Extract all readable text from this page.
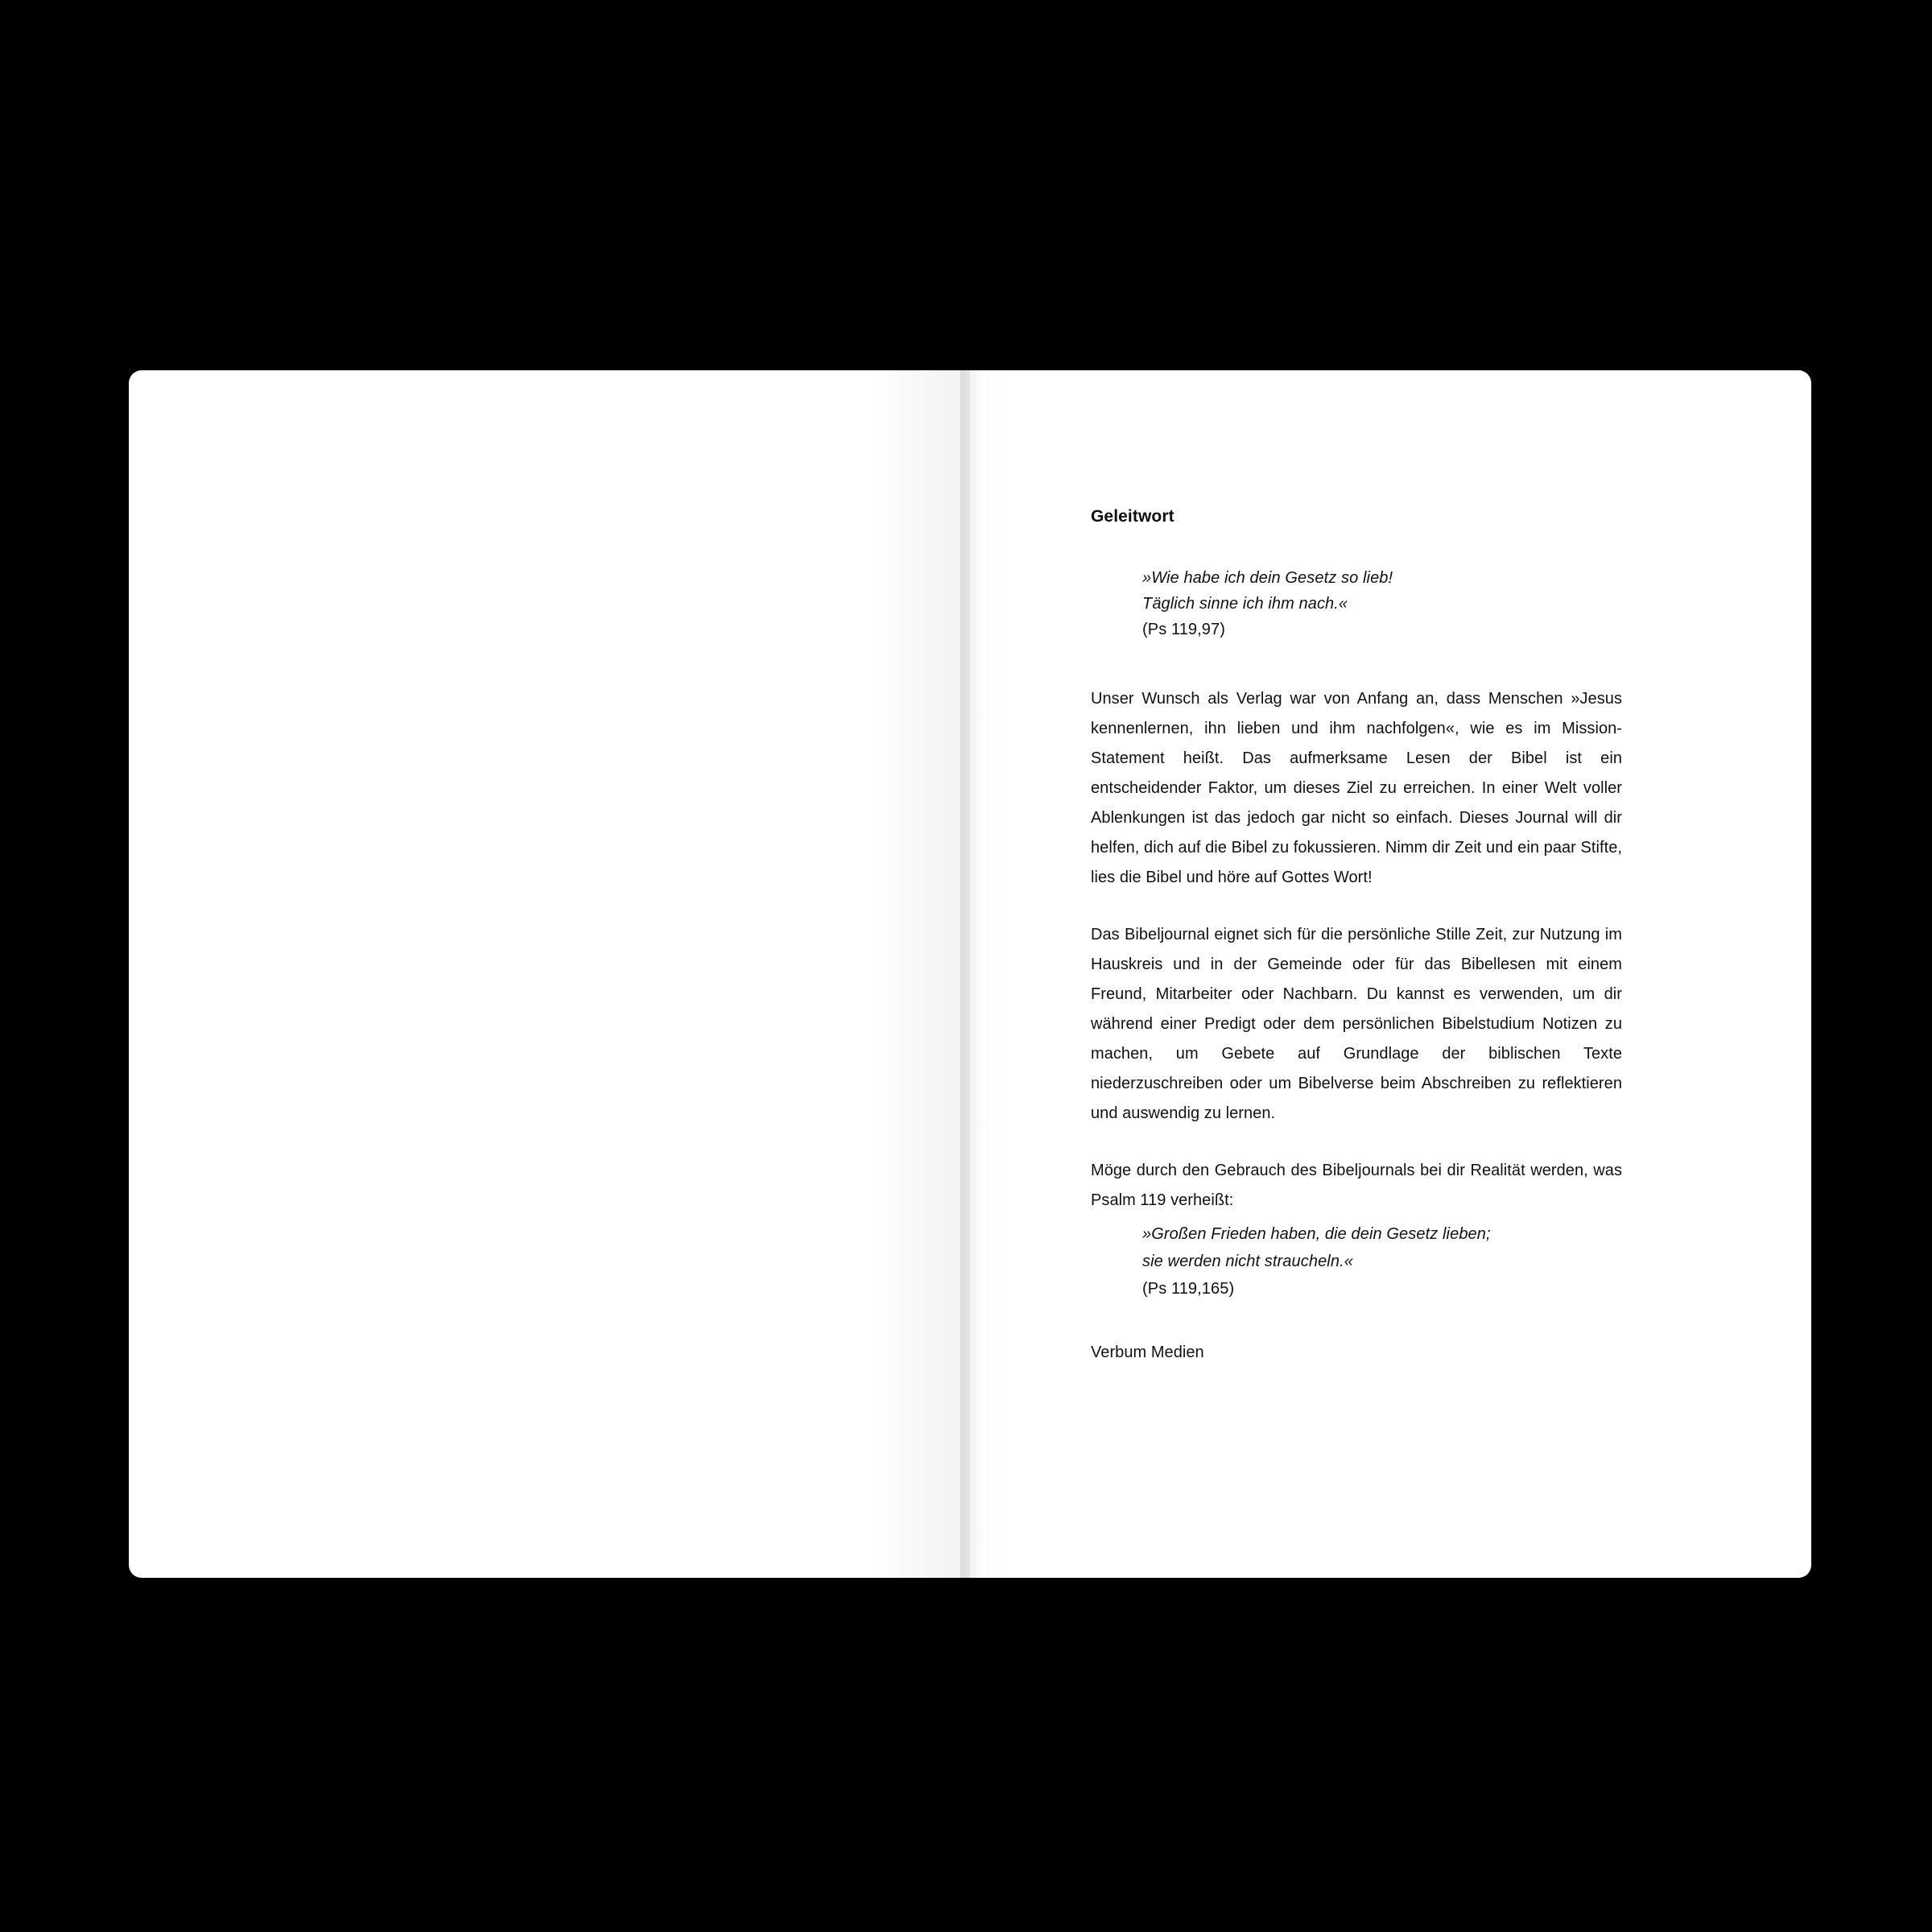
Geleitwort
»Wie habe ich dein Gesetz so lieb!
Täglich sinne ich ihm nach.«
(Ps 119,97)

Unser Wunsch als Verlag war von Anfang an, dass Menschen »Jesus kennenlernen, ihn lieben und ihm nachfolgen«, wie es im Mission-Statement heißt. Das aufmerksame Lesen der Bibel ist ein entscheidender Faktor, um dieses Ziel zu erreichen. In einer Welt voller Ablenkungen ist das jedoch gar nicht so einfach. Dieses Journal will dir helfen, dich auf die Bibel zu fokussieren. Nimm dir Zeit und ein paar Stifte, lies die Bibel und höre auf Gottes Wort!

Das Bibeljournal eignet sich für die persönliche Stille Zeit, zur Nutzung im Hauskreis und in der Gemeinde oder für das Bibellesen mit einem Freund, Mitarbeiter oder Nachbarn. Du kannst es verwenden, um dir während einer Predigt oder dem persönlichen Bibelstudium Notizen zu machen, um Gebete auf Grundlage der biblischen Texte niederzuschreiben oder um Bibelverse beim Abschreiben zu reflektieren und auswendig zu lernen.

Möge durch den Gebrauch des Bibeljournals bei dir Realität werden, was Psalm 119 verheißt:

»Großen Frieden haben, die dein Gesetz lieben;
sie werden nicht straucheln.«
(Ps 119,165)

Verbum Medien
